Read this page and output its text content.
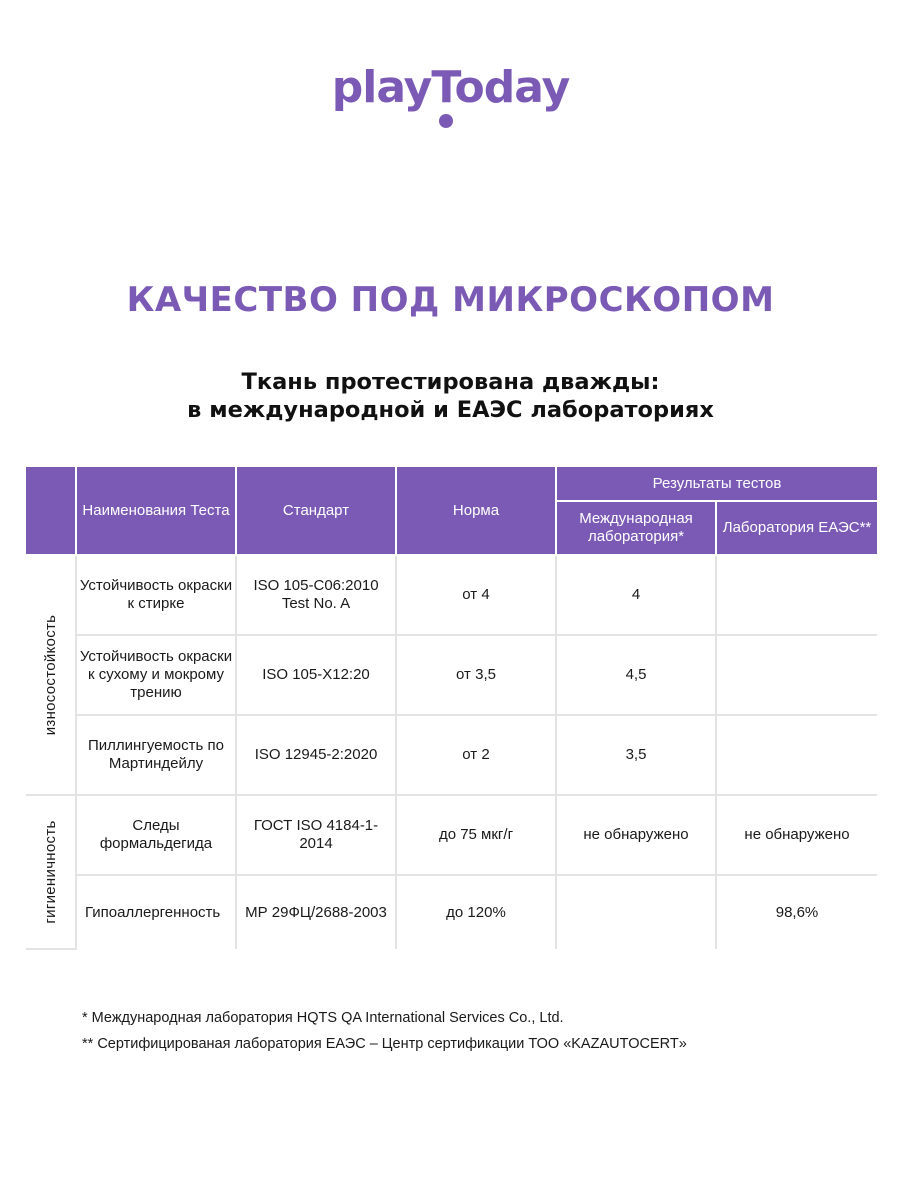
playToday
КАЧЕСТВО ПОД МИКРОСКОПОМ
Ткань протестирована дважды:
в международной и ЕАЭС лабораториях
	Наименования Теста	Стандарт	Норма	Результаты тестов	
				Международная лаборатория*	Лаборатория ЕАЭС**

износостойкость	Устойчивость окраски к стирке	ISO 105-C06:2010 Test No. A	от 4	4	
	Устойчивость окраски к сухому и мокрому трению	ISO 105-X12:20	от 3,5	4,5	
	Пиллингуемость по Мартиндейлу	ISO 12945-2:2020	от 2	3,5	

гигиеничность	Следы формальдегида	ГОСТ ISO 4184-1-2014	до 75 мкг/г	не обнаружено	не обнаружено
	Гипоаллергенность	МР 29ФЦ/2688-2003	до 120%		98,6%
* Международная лаборатория HQTS QA International Services Co., Ltd.
** Сертифицированая лаборатория ЕАЭС – Центр сертификации ТОО «KAZAUTOCERT»
